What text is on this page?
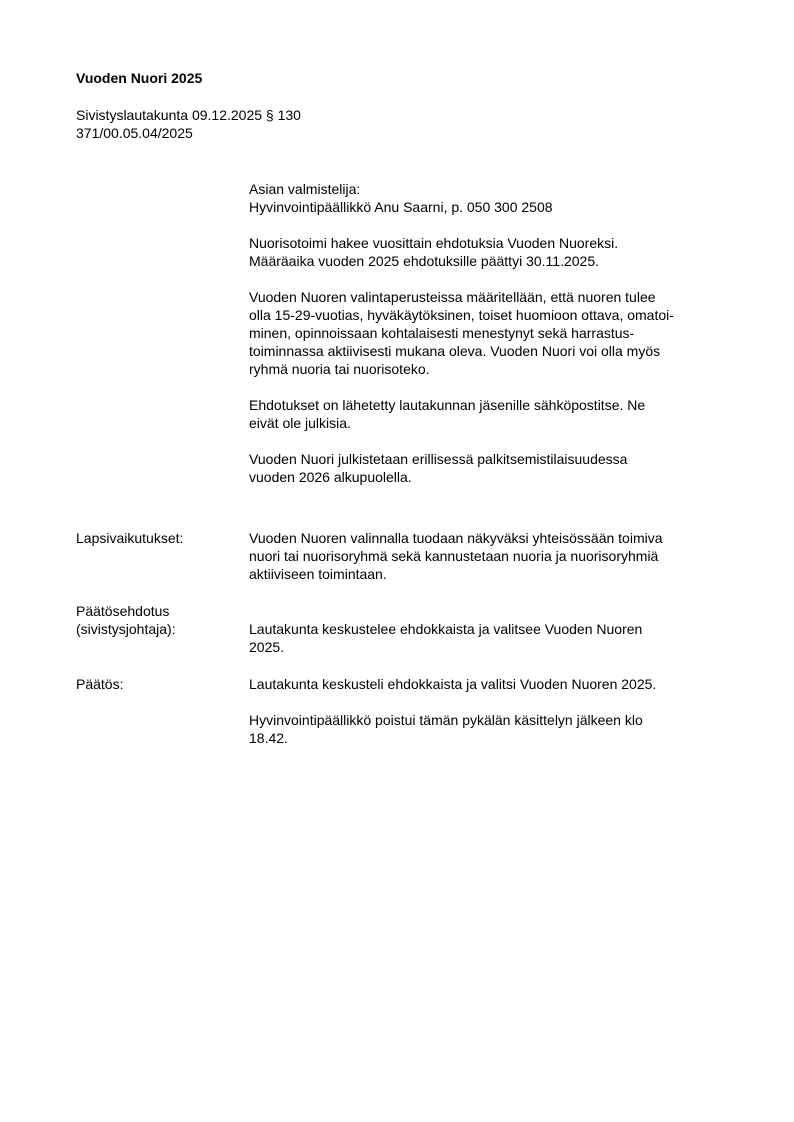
Vuoden Nuori 2025
Sivistyslautakunta 09.12.2025 § 130
371/00.05.04/2025
Asian valmistelija:
Hyvinvointipäällikkö Anu Saarni, p. 050 300 2508
Nuorisotoimi hakee vuosittain ehdotuksia Vuoden Nuoreksi.
Määräaika vuoden 2025 ehdotuksille päättyi 30.11.2025.
Vuoden Nuoren valintaperusteissa määritellään, että nuoren tulee
olla 15-29-vuotias, hyväkäytöksinen, toiset huomioon ottava, omatoi-
minen, opinnoissaan kohtalaisesti menestynyt sekä harrastus-
toiminnassa aktiivisesti mukana oleva. Vuoden Nuori voi olla myös
ryhmä nuoria tai nuorisoteko.
Ehdotukset on lähetetty lautakunnan jäsenille sähköpostitse. Ne
eivät ole julkisia.
Vuoden Nuori julkistetaan erillisessä palkitsemistilaisuudessa
vuoden 2026 alkupuolella.
Lapsivaikutukset:	Vuoden Nuoren valinnalla tuodaan näkyväksi yhteisössään toimiva
nuori tai nuorisoryhmä sekä kannustetaan nuoria ja nuorisoryhmiä
aktiiviseen toimintaan.
Päätösehdotus
(sivistysjohtaja):	Lautakunta keskustelee ehdokkaista ja valitsee Vuoden Nuoren
2025.
Päätös:	Lautakunta keskusteli ehdokkaista ja valitsi Vuoden Nuoren 2025.
Hyvinvointipäällikkö poistui tämän pykälän käsittelyn jälkeen klo
18.42.
